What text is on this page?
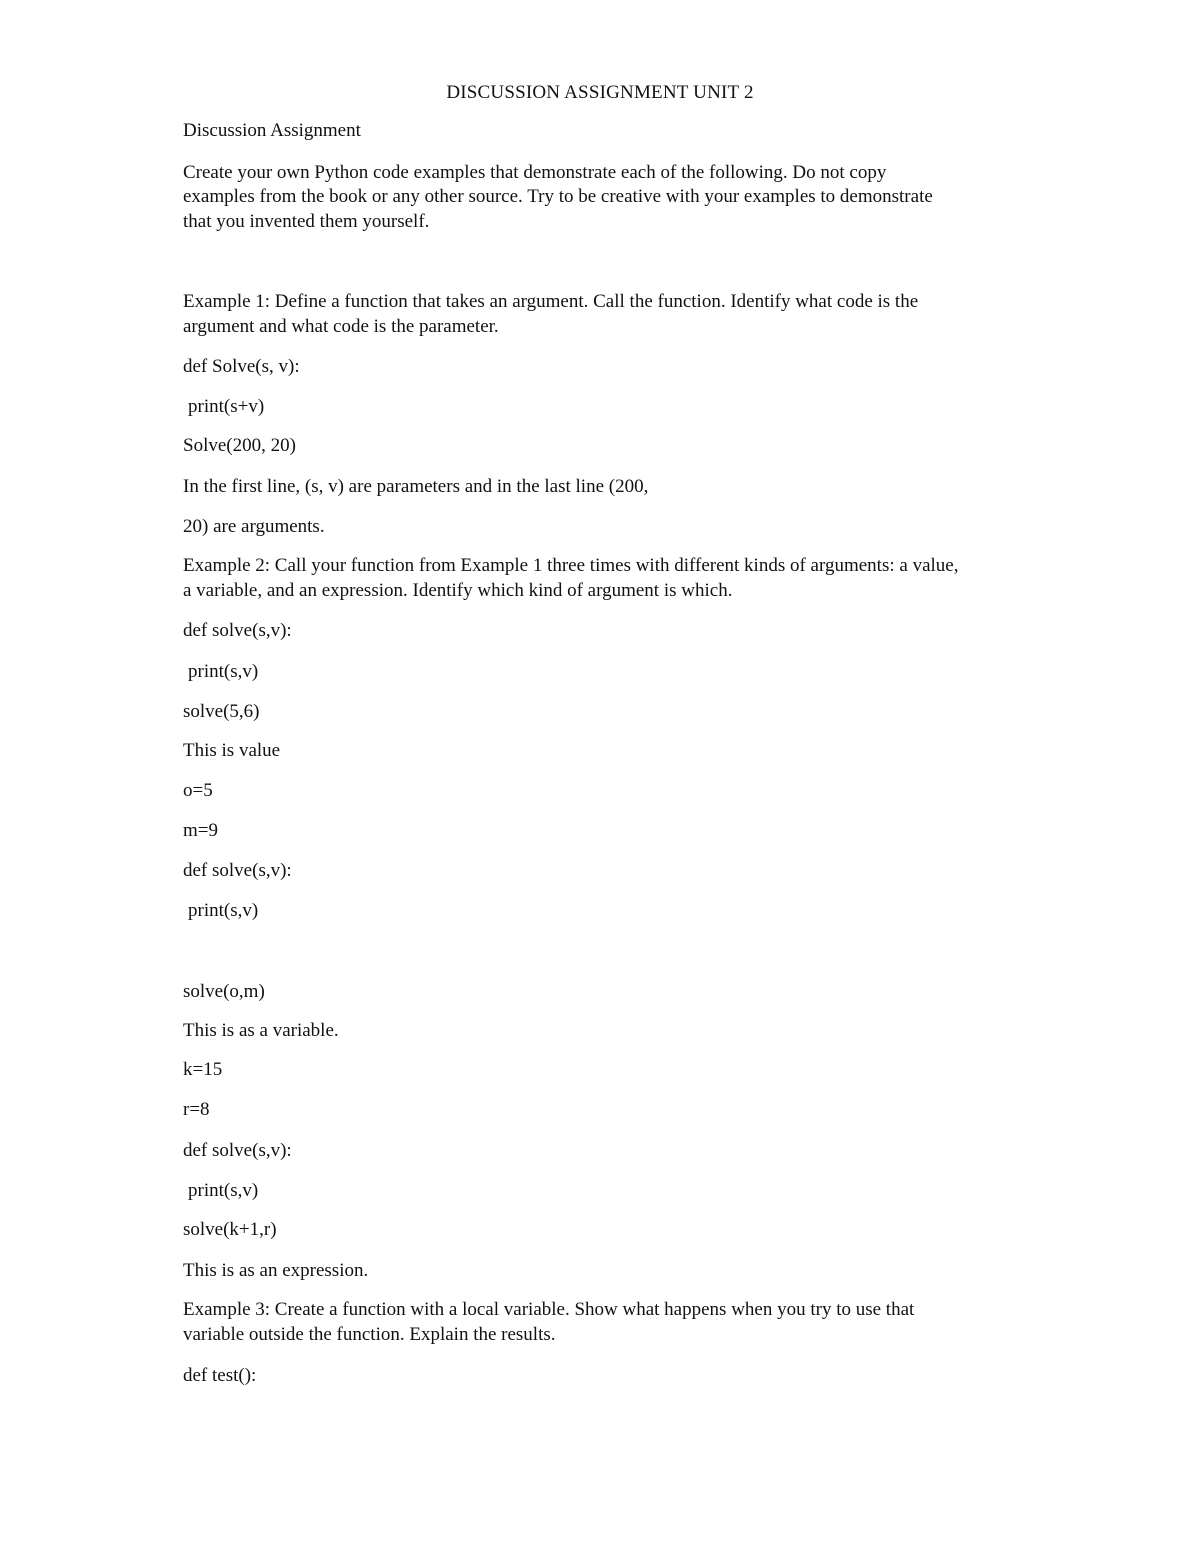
DISCUSSION ASSIGNMENT UNIT 2

Discussion Assignment

Create your own Python code examples that demonstrate each of the following. Do not copy

examples from the book or any other source. Try to be creative with your examples to demonstrate

that you invented them yourself.

Example 1: Define a function that takes an argument. Call the function. Identify what code is the

argument and what code is the parameter.

def Solve(s, v):

print(s+v)

Solve(200, 20)

In the first line, (s, v) are parameters and in the last line (200,

20) are arguments.

Example 2: Call your function from Example 1 three times with different kinds of arguments: a value,

a variable, and an expression. Identify which kind of argument is which.

def solve(s,v):

print(s,v)

solve(5,6)

This is value

o=5

m=9

def solve(s,v):

print(s,v)

solve(o,m)

This is as a variable.

k=15

r=8

def solve(s,v):

print(s,v)

solve(k+1,r)

This is as an expression.

Example 3: Create a function with a local variable. Show what happens when you try to use that

variable outside the function. Explain the results.

def test():
